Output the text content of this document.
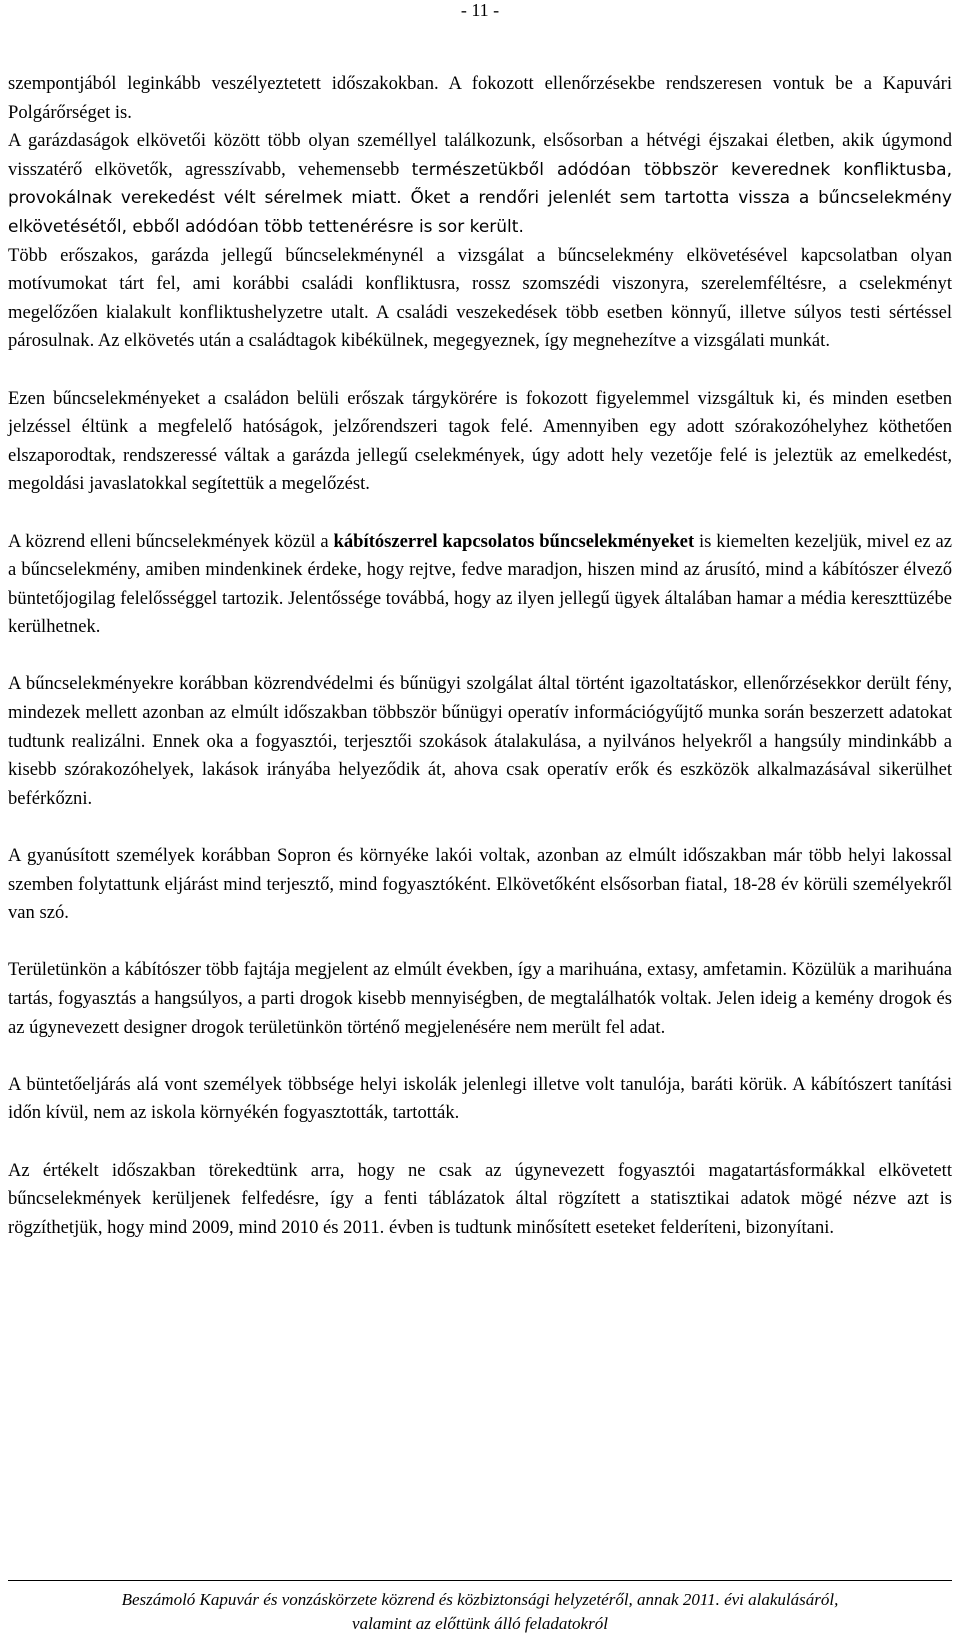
- 11 -

szempontjából leginkább veszélyeztetett időszakokban. A fokozott ellenőrzésekbe rendszeresen vontuk be a Kapuvári Polgárőrséget is.

A garázdaságok elkövetői között több olyan személlyel találkozunk, elsősorban a hétvégi éjszakai életben, akik úgymond visszatérő elkövetők, agresszívabb, vehemensebb természetükből adódóan többször keverednek konfliktusba, provokálnak verekedést vélt sérelmek miatt. Őket a rendőri jelenlét sem tartotta vissza a bűncselekmény elkövetésétől, ebből adódóan több tettenérésre is sor került.

Több erőszakos, garázda jellegű bűncselekménynél a vizsgálat a bűncselekmény elkövetésével kapcsolatban olyan motívumokat tárt fel, ami korábbi családi konfliktusra, rossz szomszédi viszonyra, szerelemféltésre, a cselekményt megelőzően kialakult konfliktushelyzetre utalt. A családi veszekedések több esetben könnyű, illetve súlyos testi sértéssel párosulnak. Az elkövetés után a családtagok kibékülnek, megegyeznek, így megnehezítve a vizsgálati munkát.

Ezen bűncselekményeket a családon belüli erőszak tárgykörére is fokozott figyelemmel vizsgáltuk ki, és minden esetben jelzéssel éltünk a megfelelő hatóságok, jelzőrendszeri tagok felé. Amennyiben egy adott szórakozóhelyhez köthetően elszaporodtak, rendszeressé váltak a garázda jellegű cselekmények, úgy adott hely vezetője felé is jeleztük az emelkedést, megoldási javaslatokkal segítettük a megelőzést.

A közrend elleni bűncselekmények közül a kábítószerrel kapcsolatos bűncselekményeket is kiemelten kezeljük, mivel ez az a bűncselekmény, amiben mindenkinek érdeke, hogy rejtve, fedve maradjon, hiszen mind az árusító, mind a kábítószer élvező büntetőjogilag felelősséggel tartozik. Jelentőssége továbbá, hogy az ilyen jellegű ügyek általában hamar a média kereszttüzébe kerülhetnek.

A bűncselekményekre korábban közrendvédelmi és bűnügyi szolgálat által történt igazoltatáskor, ellenőrzésekkor derült fény, mindezek mellett azonban az elmúlt időszakban többször bűnügyi operatív információgyűjtő munka során beszerzett adatokat tudtunk realizálni. Ennek oka a fogyasztói, terjesztői szokások átalakulása, a nyilvános helyekről a hangsúly mindinkább a kisebb szórakozóhelyek, lakások irányába helyeződik át, ahova csak operatív erők és eszközök alkalmazásával sikerülhet beférkőzni.

A gyanúsított személyek korábban Sopron és környéke lakói voltak, azonban az elmúlt időszakban már több helyi lakossal szemben folytattunk eljárást mind terjesztő, mind fogyasztóként. Elkövetőként elsősorban fiatal, 18-28 év körüli személyekről van szó.

Területünkön a kábítószer több fajtája megjelent az elmúlt években, így a marihuána, extasy, amfetamin. Közülük a marihuána tartás, fogyasztás a hangsúlyos, a parti drogok kisebb mennyiségben, de megtalálhatók voltak. Jelen ideig a kemény drogok és az úgynevezett designer drogok területünkön történő megjelenésére nem merült fel adat.

A büntetőeljárás alá vont személyek többsége helyi iskolák jelenlegi illetve volt tanulója, baráti körük. A kábítószert tanítási időn kívül, nem az iskola környékén fogyasztották, tartották.

Az értékelt időszakban törekedtünk arra, hogy ne csak az úgynevezett fogyasztói magatartásformákkal elkövetett bűncselekmények kerüljenek felfedésre, így a fenti táblázatok által rögzített a statisztikai adatok mögé nézve azt is rögzíthetjük, hogy mind 2009, mind 2010 és 2011. évben is tudtunk minősített eseteket felderíteni, bizonyítani.

Beszámoló Kapuvár és vonzáskörzete közrend és közbiztonsági helyzetéről, annak 2011. évi alakulásáról,
valamint az előttünk álló feladatokról
